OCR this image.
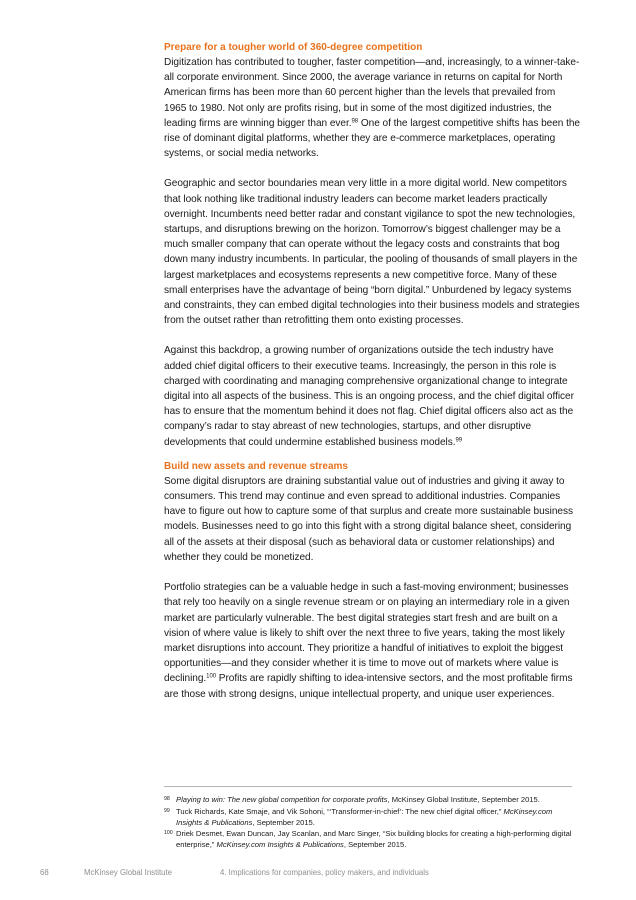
Prepare for a tougher world of 360-degree competition

Digitization has contributed to tougher, faster competition—and, increasingly, to a winner-take-all corporate environment. Since 2000, the average variance in returns on capital for North American firms has been more than 60 percent higher than the levels that prevailed from 1965 to 1980. Not only are profits rising, but in some of the most digitized industries, the leading firms are winning bigger than ever.$^{98}$ One of the largest competitive shifts has been the rise of dominant digital platforms, whether they are e-commerce marketplaces, operating systems, or social media networks.

Geographic and sector boundaries mean very little in a more digital world. New competitors that look nothing like traditional industry leaders can become market leaders practically overnight. Incumbents need better radar and constant vigilance to spot the new technologies, startups, and disruptions brewing on the horizon. Tomorrow’s biggest challenger may be a much smaller company that can operate without the legacy costs and constraints that bog down many industry incumbents. In particular, the pooling of thousands of small players in the largest marketplaces and ecosystems represents a new competitive force. Many of these small enterprises have the advantage of being “born digital.” Unburdened by legacy systems and constraints, they can embed digital technologies into their business models and strategies from the outset rather than retrofitting them onto existing processes.

Against this backdrop, a growing number of organizations outside the tech industry have added chief digital officers to their executive teams. Increasingly, the person in this role is charged with coordinating and managing comprehensive organizational change to integrate digital into all aspects of the business. This is an ongoing process, and the chief digital officer has to ensure that the momentum behind it does not flag. Chief digital officers also act as the company’s radar to stay abreast of new technologies, startups, and other disruptive developments that could undermine established business models.$^{99}$

Build new assets and revenue streams

Some digital disruptors are draining substantial value out of industries and giving it away to consumers. This trend may continue and even spread to additional industries. Companies have to figure out how to capture some of that surplus and create more sustainable business models. Businesses need to go into this fight with a strong digital balance sheet, considering all of the assets at their disposal (such as behavioral data or customer relationships) and whether they could be monetized.

Portfolio strategies can be a valuable hedge in such a fast-moving environment; businesses that rely too heavily on a single revenue stream or on playing an intermediary role in a given market are particularly vulnerable. The best digital strategies start fresh and are built on a vision of where value is likely to shift over the next three to five years, taking the most likely market disruptions into account. They prioritize a handful of initiatives to exploit the biggest opportunities—and they consider whether it is time to move out of markets where value is declining.$^{100}$ Profits are rapidly shifting to idea-intensive sectors, and the most profitable firms are those with strong designs, unique intellectual property, and unique user experiences.

98 Playing to win: The new global competition for corporate profits, McKinsey Global Institute, September 2015.
99 Tuck Richards, Kate Smaje, and Vik Sohoni, “‘Transformer-in-chief’: The new chief digital officer,” McKinsey.com Insights & Publications, September 2015.
100 Driek Desmet, Ewan Duncan, Jay Scanlan, and Marc Singer, “Six building blocks for creating a high-performing digital enterprise,” McKinsey.com Insights & Publications, September 2015.
68	McKinsey Global Institute	4. Implications for companies, policy makers, and individuals
